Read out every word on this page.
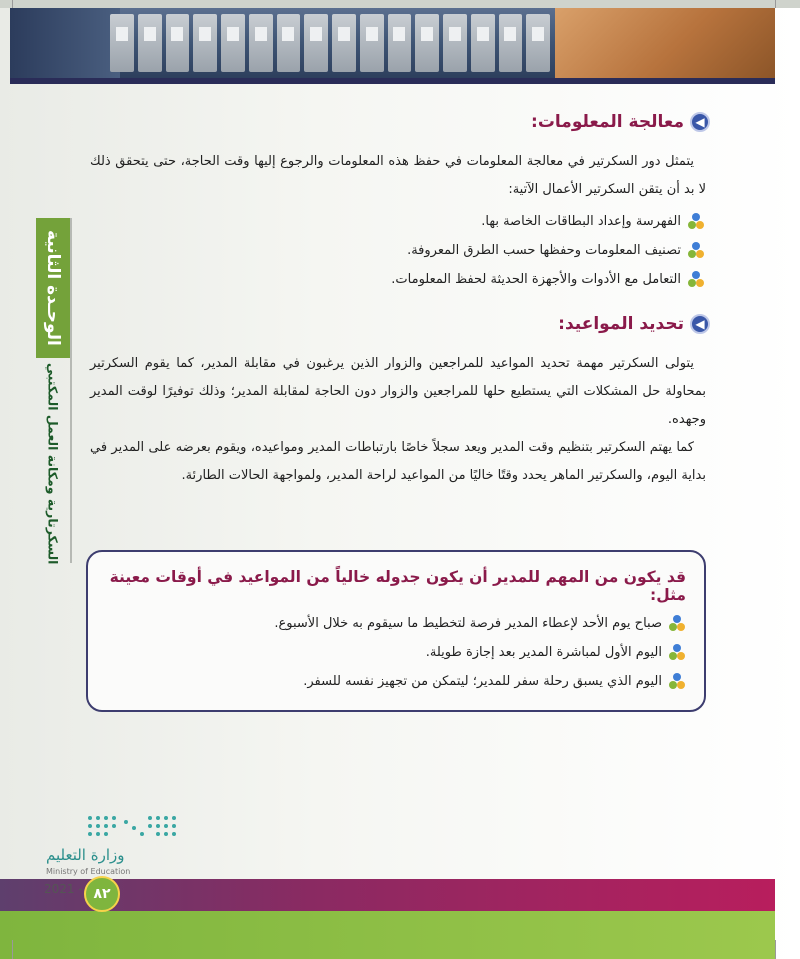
الوحـدة الثانية
السكرتارية ومكانة العمل المكتبي
◀
معالجة المعلومات:

يتمثل دور السكرتير في معالجة المعلومات في حفظ هذه المعلومات والرجوع إليها وقت الحاجة، حتى يتحقق ذلك لا بد أن يتقن السكرتير الأعمال الآتية:

الفهرسة وإعداد البطاقات الخاصة بها.
تصنيف المعلومات وحفظها حسب الطرق المعروفة.
التعامل مع الأدوات والأجهزة الحديثة لحفظ المعلومات.
◀
تحديد المواعيد:

يتولى السكرتير مهمة تحديد المواعيد للمراجعين والزوار الذين يرغبون في مقابلة المدير، كما يقوم السكرتير بمحاولة حل المشكلات التي يستطيع حلها للمراجعين والزوار دون الحاجة لمقابلة المدير؛ وذلك توفيرًا لوقت المدير وجهده.

كما يهتم السكرتير بتنظيم وقت المدير ويعد سجلاً خاصًا بارتباطات المدير ومواعيده، ويقوم بعرضه على المدير في بداية اليوم، والسكرتير الماهر يحدد وقتًا خاليًا من المواعيد لراحة المدير، ولمواجهة الحالات الطارئة.

قد يكون من المهم للمدير أن يكون جدوله خالياً من المواعيد في أوقات معينة مثل:
صباح يوم الأحد لإعطاء المدير فرصة لتخطيط ما سيقوم به خلال الأسبوع.
اليوم الأول لمباشرة المدير بعد إجازة طويلة.
اليوم الذي يسبق رحلة سفر للمدير؛ ليتمكن من تجهيز نفسه للسفر.
وزارة التعليم
Ministry of Education
2021 - ٨٢
